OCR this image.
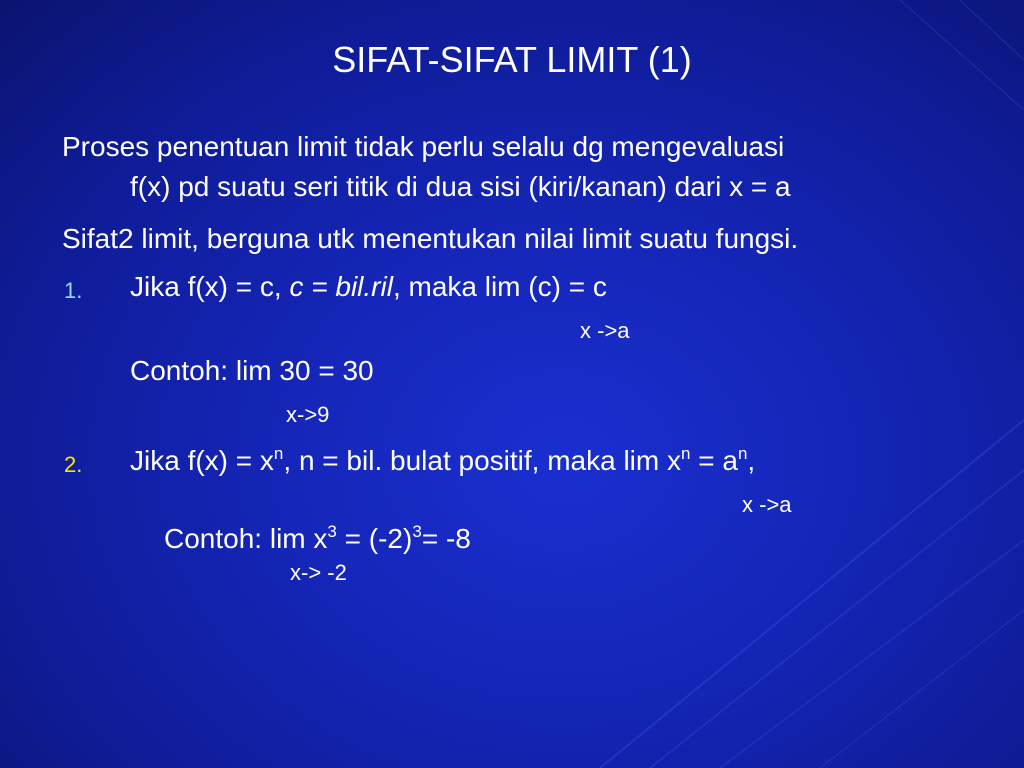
SIFAT-SIFAT LIMIT (1)
Proses penentuan limit tidak perlu selalu dg mengevaluasi
f(x) pd suatu seri titik di dua sisi (kiri/kanan) dari x = a
Sifat2 limit, berguna utk menentukan nilai limit suatu fungsi.
1. Jika f(x) = c, c = bil.ril, maka lim (c) = c
x ->a
Contoh: lim 30 = 30
x->9
2. Jika $f(x) = x^n$, n = bil. bulat positif, maka $\lim x^n = a^n$,
x ->a
Contoh: $\lim x^3 = (-2)^3= -8$
x-> -2
